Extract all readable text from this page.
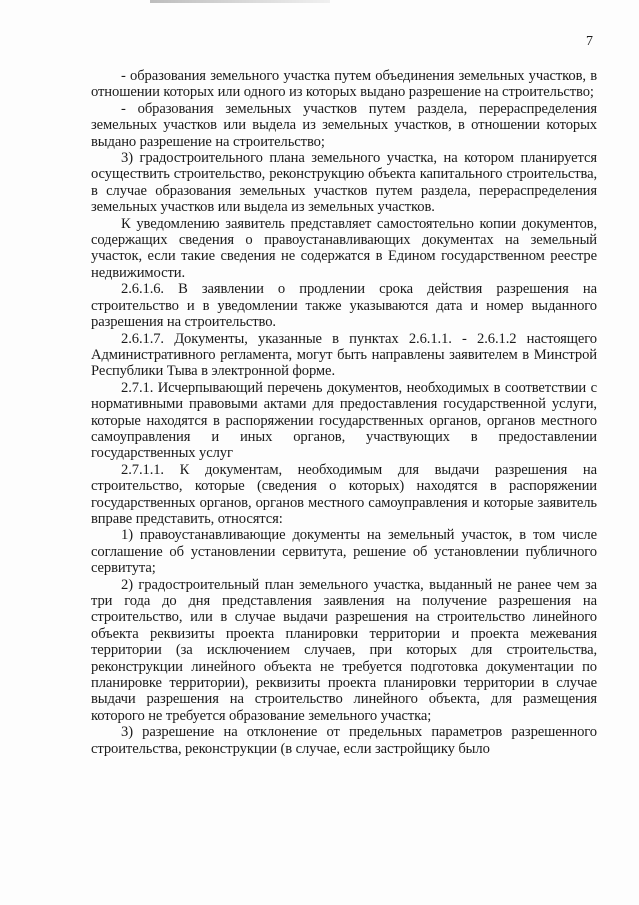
7

- образования земельного участка путем объединения земельных участков, в отношении которых или одного из которых выдано разрешение на строительство;

- образования земельных участков путем раздела, перераспределения земельных участков или выдела из земельных участков, в отношении которых выдано разрешение на строительство;

3) градостроительного плана земельного участка, на котором планируется осуществить строительство, реконструкцию объекта капитального строительства, в случае образования земельных участков путем раздела, перераспределения земельных участков или выдела из земельных участков.

К уведомлению заявитель представляет самостоятельно копии документов, содержащих сведения о правоустанавливающих документах на земельный участок, если такие сведения не содержатся в Едином государственном реестре недвижимости.

2.6.1.6. В заявлении о продлении срока действия разрешения на строительство и в уведомлении также указываются дата и номер выданного разрешения на строительство.

2.6.1.7. Документы, указанные в пунктах 2.6.1.1. - 2.6.1.2 настоящего Административного регламента, могут быть направлены заявителем в Минстрой Республики Тыва в электронной форме.

2.7.1. Исчерпывающий перечень документов, необходимых в соответствии с нормативными правовыми актами для предоставления государственной услуги, которые находятся в распоряжении государственных органов, органов местного самоуправления и иных органов, участвующих в предоставлении государственных услуг

2.7.1.1. К документам, необходимым для выдачи разрешения на строительство, которые (сведения о которых) находятся в распоряжении государственных органов, органов местного самоуправления и которые заявитель вправе представить, относятся:

1) правоустанавливающие документы на земельный участок, в том числе соглашение об установлении сервитута, решение об установлении публичного сервитута;

2) градостроительный план земельного участка, выданный не ранее чем за три года до дня представления заявления на получение разрешения на строительство, или в случае выдачи разрешения на строительство линейного объекта реквизиты проекта планировки территории и проекта межевания территории (за исключением случаев, при которых для строительства, реконструкции линейного объекта не требуется подготовка документации по планировке территории), реквизиты проекта планировки территории в случае выдачи разрешения на строительство линейного объекта, для размещения которого не требуется образование земельного участка;

3) разрешение на отклонение от предельных параметров разрешенного строительства, реконструкции (в случае, если застройщику было
